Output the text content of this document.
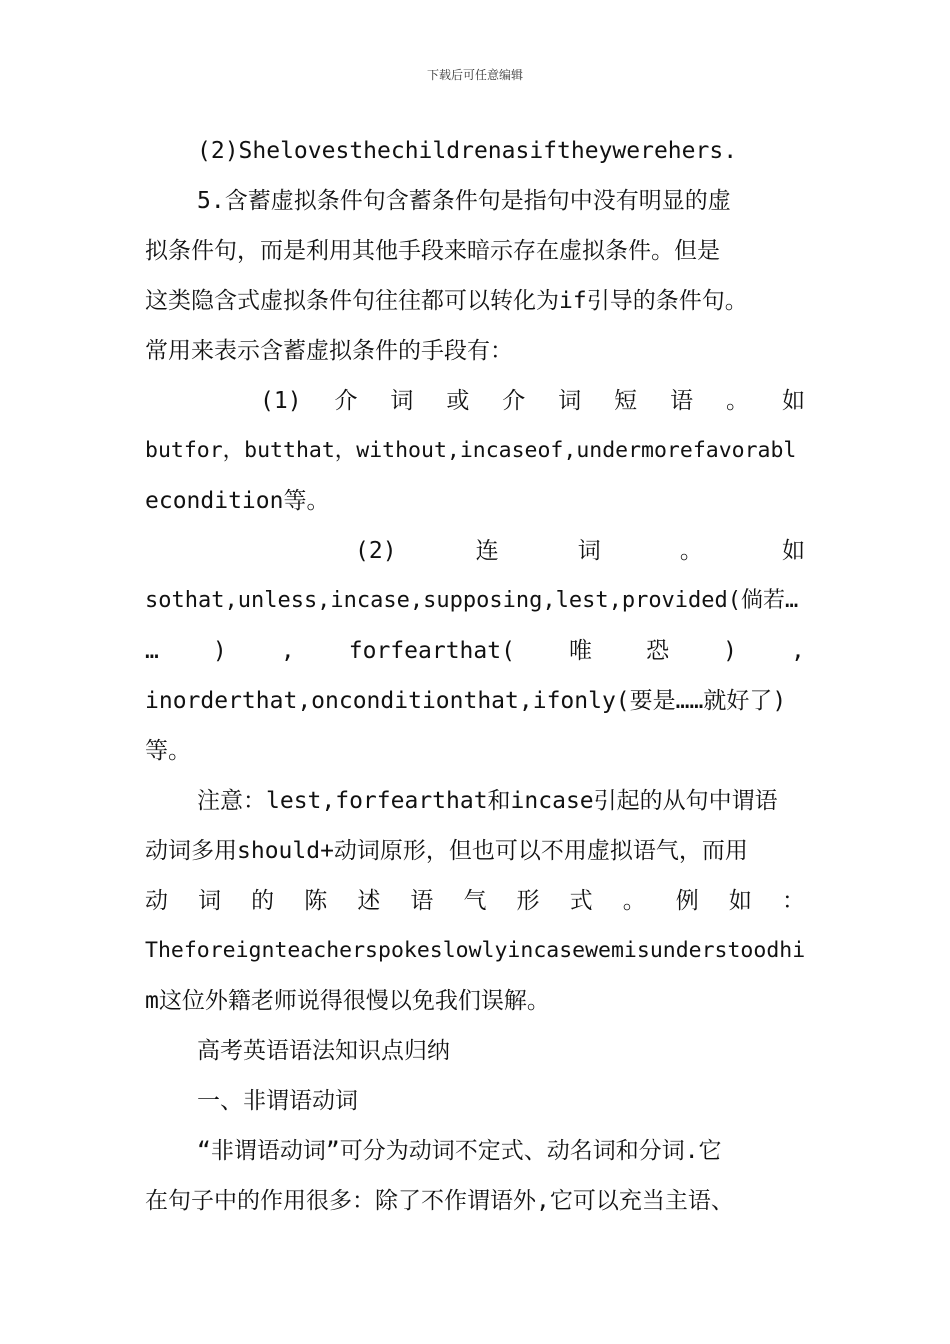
下载后可任意编辑
(2)Shelovesthechildrenasiftheywerehers.
5.含蓄虚拟条件句含蓄条件句是指句中没有明显的虚
拟条件句，而是利用其他手段来暗示存在虚拟条件。但是
这类隐含式虚拟条件句往往都可以转化为if引导的条件句。
常用来表示含蓄虚拟条件的手段有：
(1) 介 词 或 介 词 短 语 。 如
butfor，butthat，without,incaseof,undermorefavorabl
econdition等。
(2)	连	词	。	如
sothat,unless,incase,supposing,lest,provided(倘若…
… ) , forfearthat( 唯 恐 ) ,
inorderthat,onconditionthat,ifonly(要是……就好了)
等。
注意：lest,forfearthat和incase引起的从句中谓语
动词多用should+动词原形，但也可以不用虚拟语气，而用
动 词 的 陈 述 语 气 形 式 。 例 如 ：
Theforeignteacherspokeslowlyincasewemisunderstoodhi
m这位外籍老师说得很慢以免我们误解。
高考英语语法知识点归纳
一、非谓语动词
“非谓语动词”可分为动词不定式、动名词和分词.它
在句子中的作用很多：除了不作谓语外,它可以充当主语、
